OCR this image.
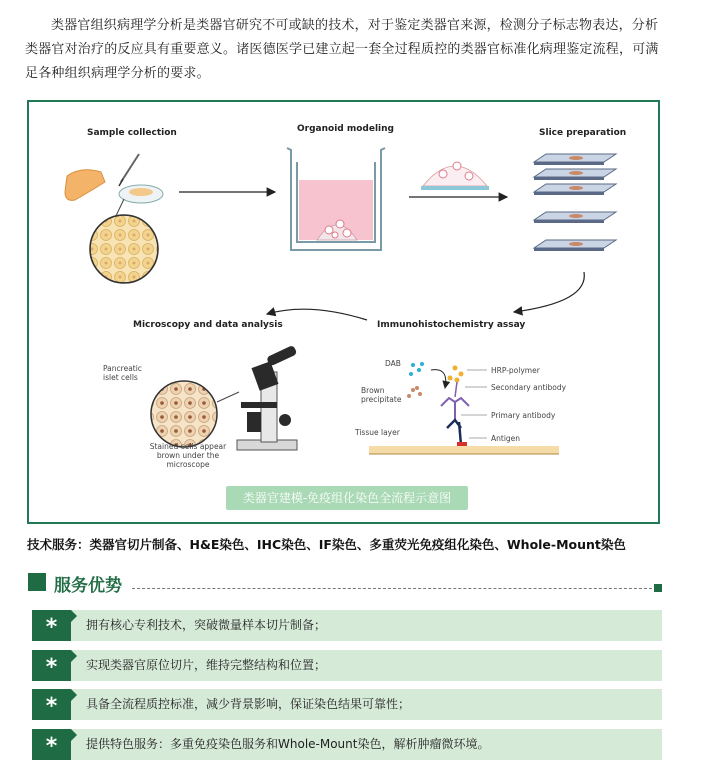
类器官组织病理学分析是类器官研究不可或缺的技术，对于鉴定类器官来源，检测分子标志物表达，分析类器官对治疗的反应具有重要意义。诸医德医学已建立起一套全过程质控的类器官标准化病理鉴定流程，可满足各种组织病理学分析的要求。

Sample collection	Organoid modeling	Slice preparation
Immunohistochemistry assay
Microscopy and data analysis
Pancreatic islet cells
Stained cells appear brown under the microscope
DAB
Brown precipitate
HRP-polymer
Secondary antibody
Primary antibody
Tissue layer
Antigen
类器官建模-免疫组化染色全流程示意图
技术服务：类器官切片制备、H&E染色、IHC染色、IF染色、多重荧光免疫组化染色、Whole-Mount染色
服务优势
*	拥有核心专利技术，突破微量样本切片制备；
*	实现类器官原位切片，维持完整结构和位置；
*	具备全流程质控标准，减少背景影响，保证染色结果可靠性；
*	提供特色服务：多重免疫染色服务和Whole-Mount染色，解析肿瘤微环境。
